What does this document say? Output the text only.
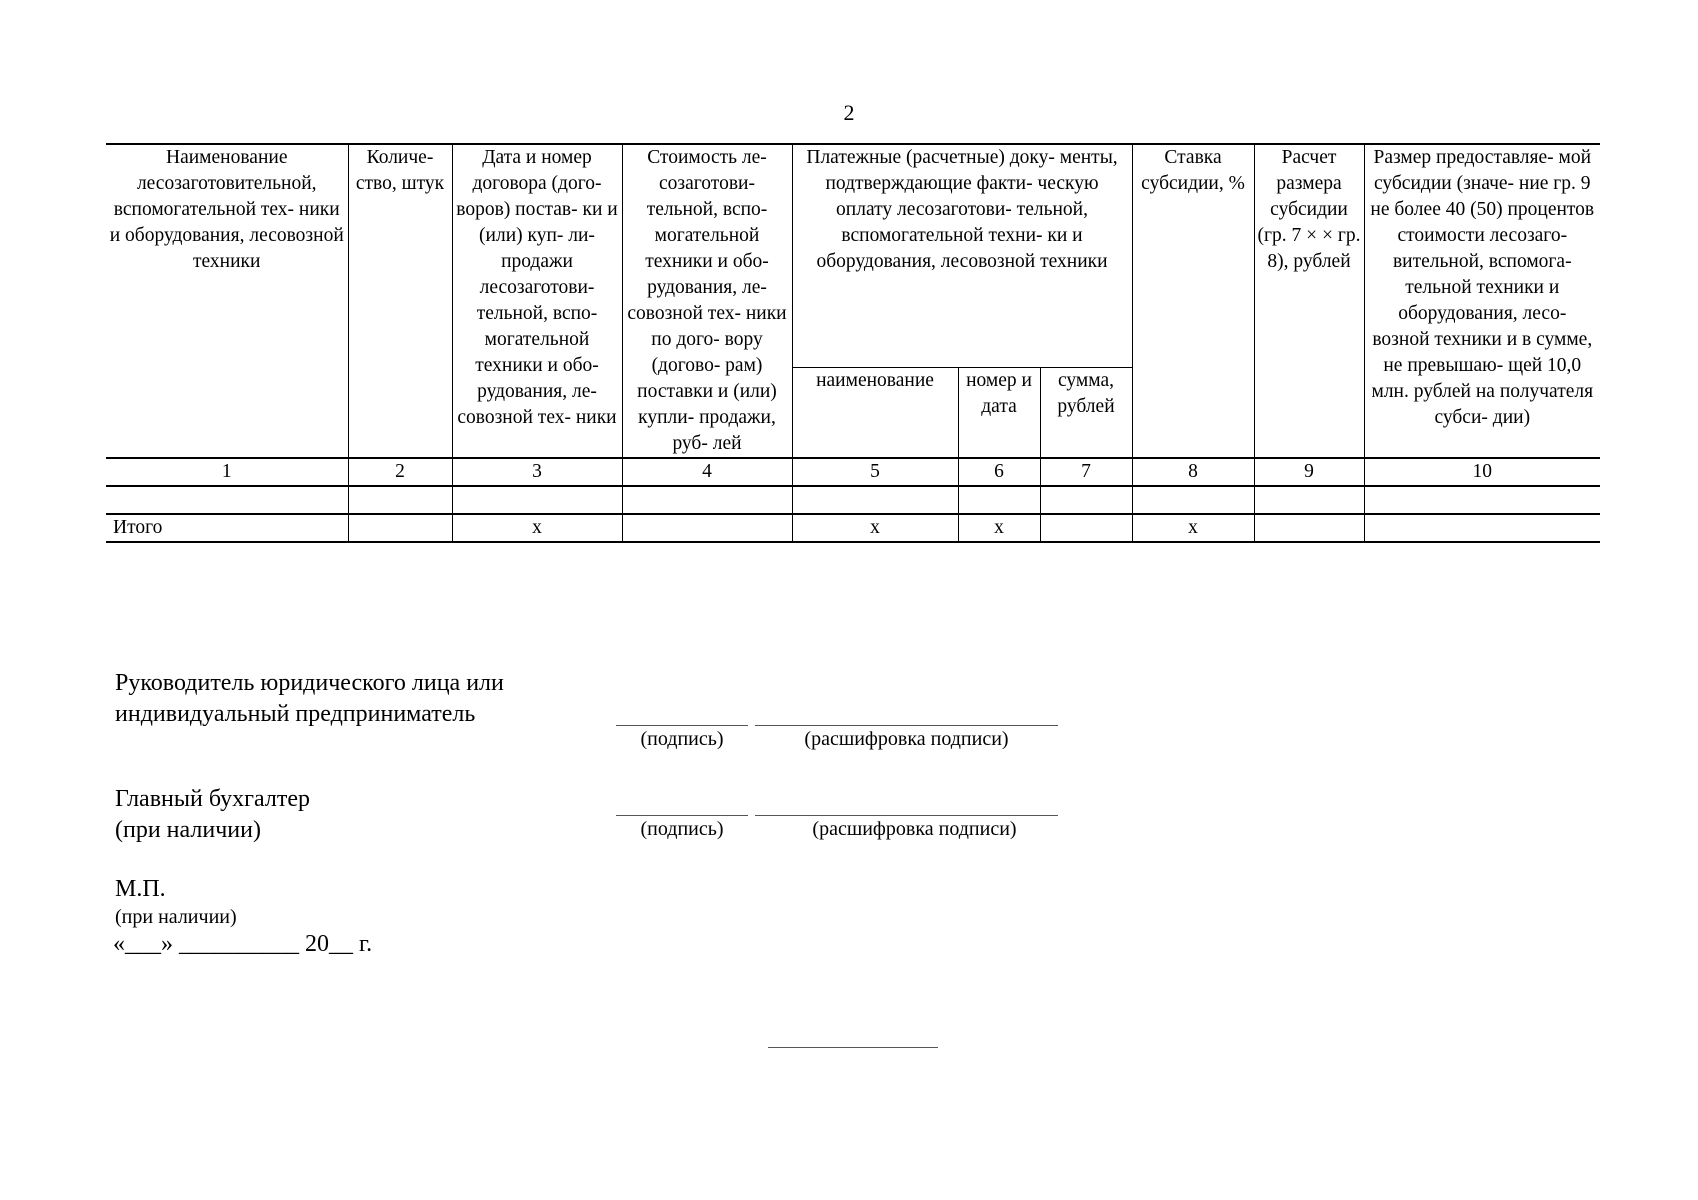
2
Наименование лесозаготовительной, вспомогательной тех- ники и оборудования, лесовозной техники	Количе- ство, штук	Дата и номер договора (дого- воров) постав- ки и (или) куп- ли-продажи лесозаготови- тельной, вспо- могательной техники и обо- рудования, ле- совозной тех- ники	Стоимость ле- созаготови- тельной, вспо- могательной техники и обо- рудования, ле- совозной тех- ники по дого- вору (догово- рам) поставки и (или) купли- продажи, руб- лей	Платежные (расчетные) доку- менты, подтверждающие факти- ческую оплату лесозаготови- тельной, вспомогательной техни- ки и оборудования, лесовозной техники			Ставка субсидии, %	Расчет размера субсидии (гр. 7 × × гр. 8), рублей	Размер предоставляе- мой субсидии (значе- ние гр. 9 не более 40 (50) процентов стоимости лесозаго- вительной, вспомога- тельной техники и оборудования, лесо- возной техники и в сумме, не превышаю- щей 10,0 млн. рублей на получателя субси- дии)
				наименование	номер и дата	сумма, рублей			
1	2	3	4	5	6	7	8	9	10

Итого		х		х	х		х		
Руководитель юридического лица или
индивидуальный предприниматель
(подпись)	(расшифровка подписи)
Главный бухгалтер
(при наличии)	(подпись)	(расшифровка подписи)
М.П.
(при наличии)
«___» __________ 20__ г.
